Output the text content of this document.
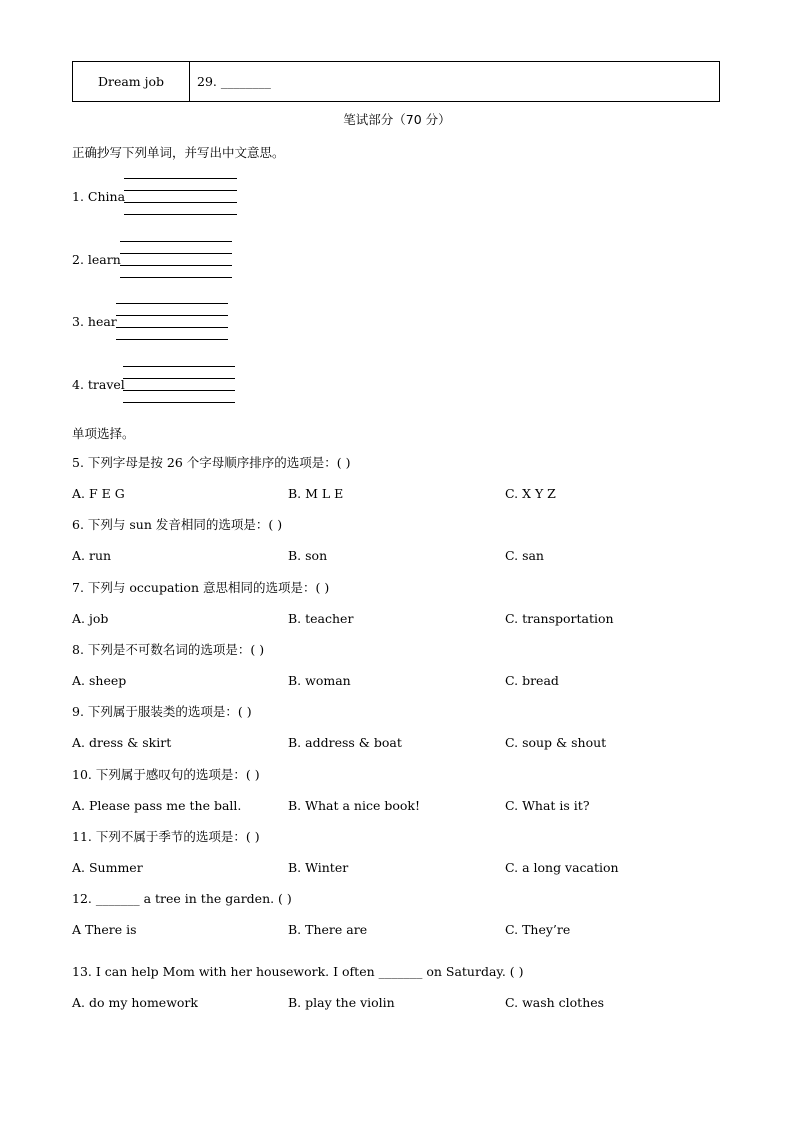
Dream job	29. ________
笔试部分（70 分）
正确抄写下列单词，并写出中文意思。
1. China
2. learn
3. hear
4. travel
单项选择。
5. 下列字母是按 26 个字母顺序排序的选项是：( )
A. F E G	B. M L E	C. X Y Z
6. 下列与 sun 发音相同的选项是：( )
A. run	B. son	C. san
7. 下列与 occupation 意思相同的选项是：( )
A. job	B. teacher	C. transportation
8. 下列是不可数名词的选项是：( )
A. sheep	B. woman	C. bread
9. 下列属于服装类的选项是：( )
A. dress & skirt	B. address & boat	C. soup & shout
10. 下列属于感叹句的选项是：( )
A. Please pass me the ball.	B. What a nice book!	C. What is it?
11. 下列不属于季节的选项是：( )
A. Summer	B. Winter	C. a long vacation
12. _______ a tree in the garden. ( )
A There is	B. There are	C. They’re
13. I can help Mom with her housework. I often _______ on Saturday. ( )
A. do my homework	B. play the violin	C. wash clothes
